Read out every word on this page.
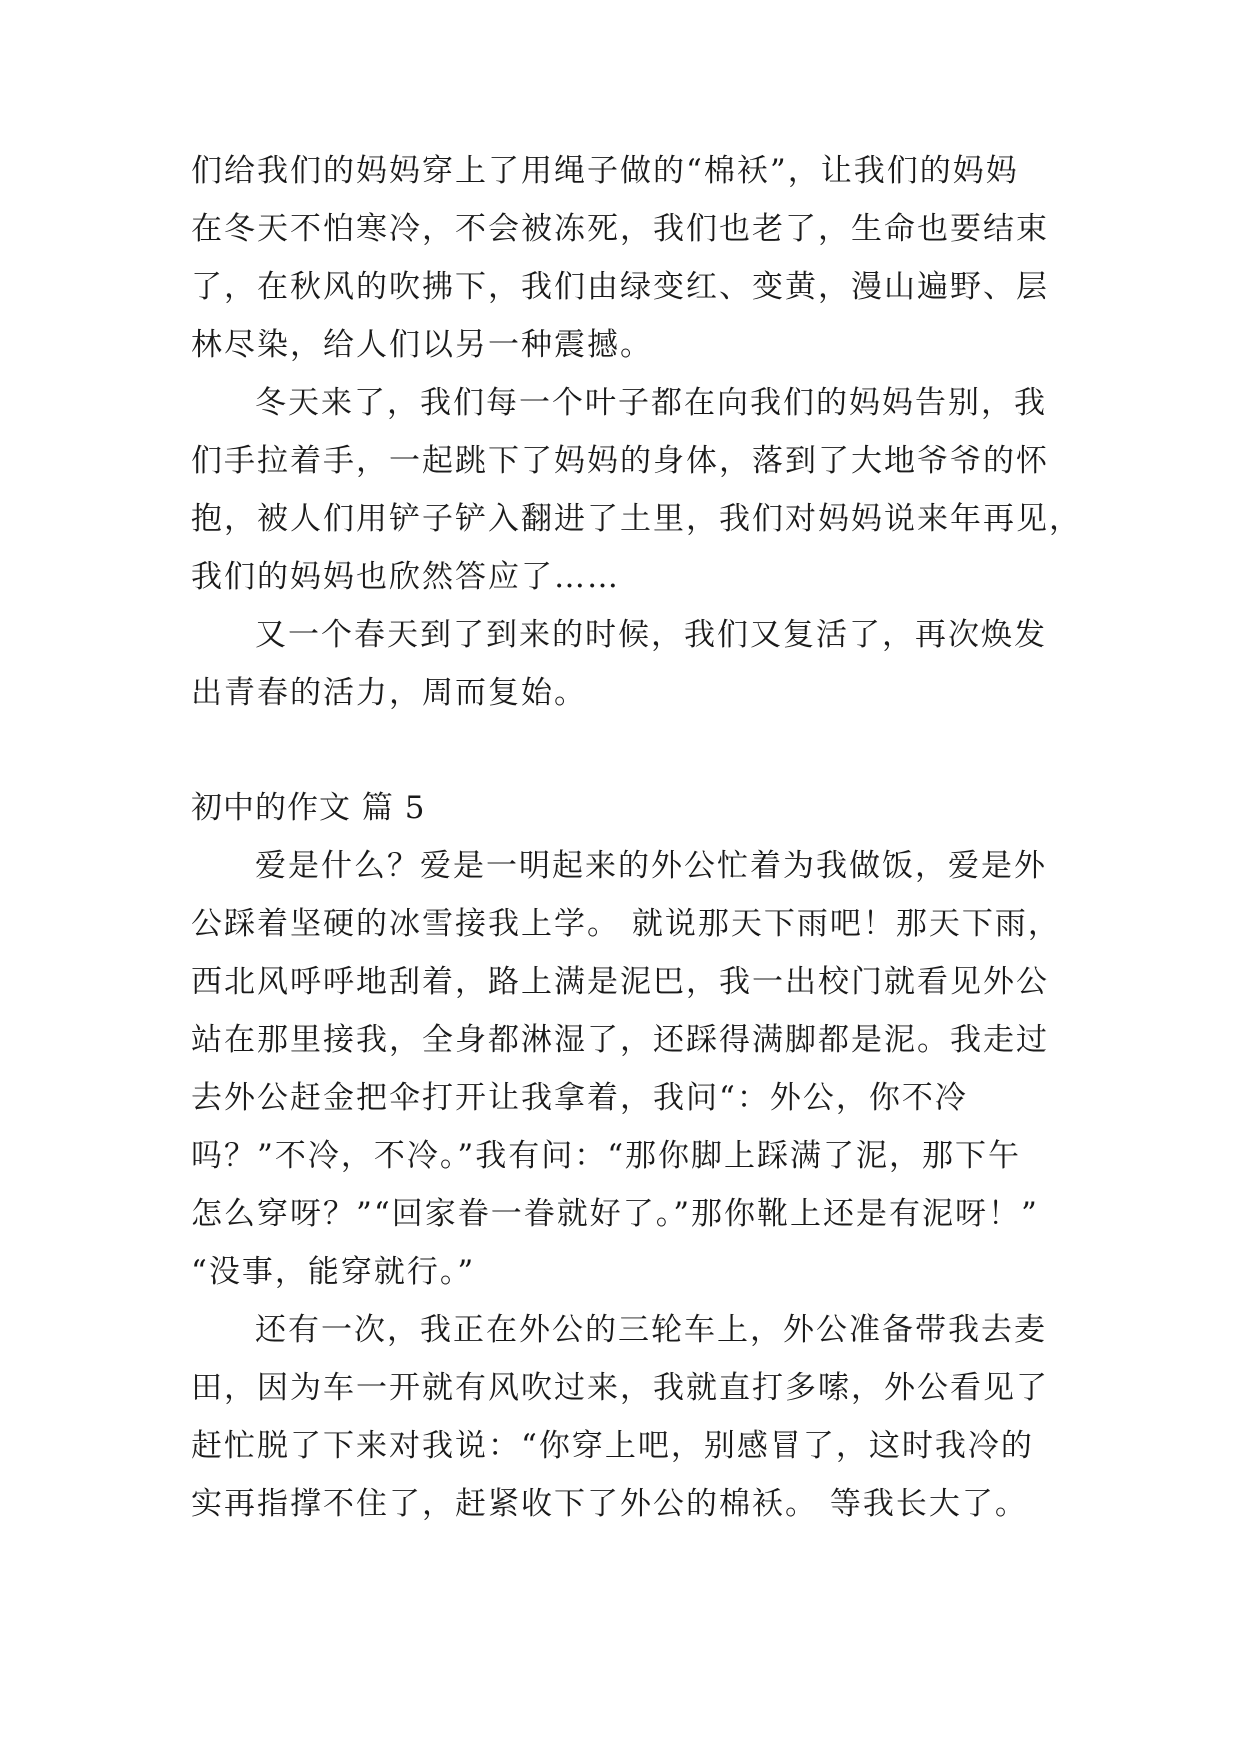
们给我们的妈妈穿上了用绳子做的“棉袄”，让我们的妈妈
在冬天不怕寒冷，不会被冻死，我们也老了，生命也要结束
了，在秋风的吹拂下，我们由绿变红、变黄，漫山遍野、层
林尽染，给人们以另一种震撼。
冬天来了，我们每一个叶子都在向我们的妈妈告别，我
们手拉着手，一起跳下了妈妈的身体，落到了大地爷爷的怀
抱，被人们用铲子铲入翻进了土里，我们对妈妈说来年再见，
我们的妈妈也欣然答应了……
又一个春天到了到来的时候，我们又复活了，再次焕发
出青春的活力，周而复始。
初中的作文 篇 5
爱是什么？爱是一明起来的外公忙着为我做饭，爱是外
公踩着坚硬的冰雪接我上学。 就说那天下雨吧！那天下雨，
西北风呼呼地刮着，路上满是泥巴，我一出校门就看见外公
站在那里接我，全身都淋湿了，还踩得满脚都是泥。我走过
去外公赶金把伞打开让我拿着，我问“：外公，你不冷
吗？”不冷，不冷。”我有问：“那你脚上踩满了泥，那下午
怎么穿呀？”“回家眷一眷就好了。”那你靴上还是有泥呀！”
“没事，能穿就行。”
还有一次，我正在外公的三轮车上，外公准备带我去麦
田，因为车一开就有风吹过来，我就直打多嗦，外公看见了
赶忙脱了下来对我说：“你穿上吧，别感冒了，这时我冷的
实再指撑不住了，赶紧收下了外公的棉袄。 等我长大了。
